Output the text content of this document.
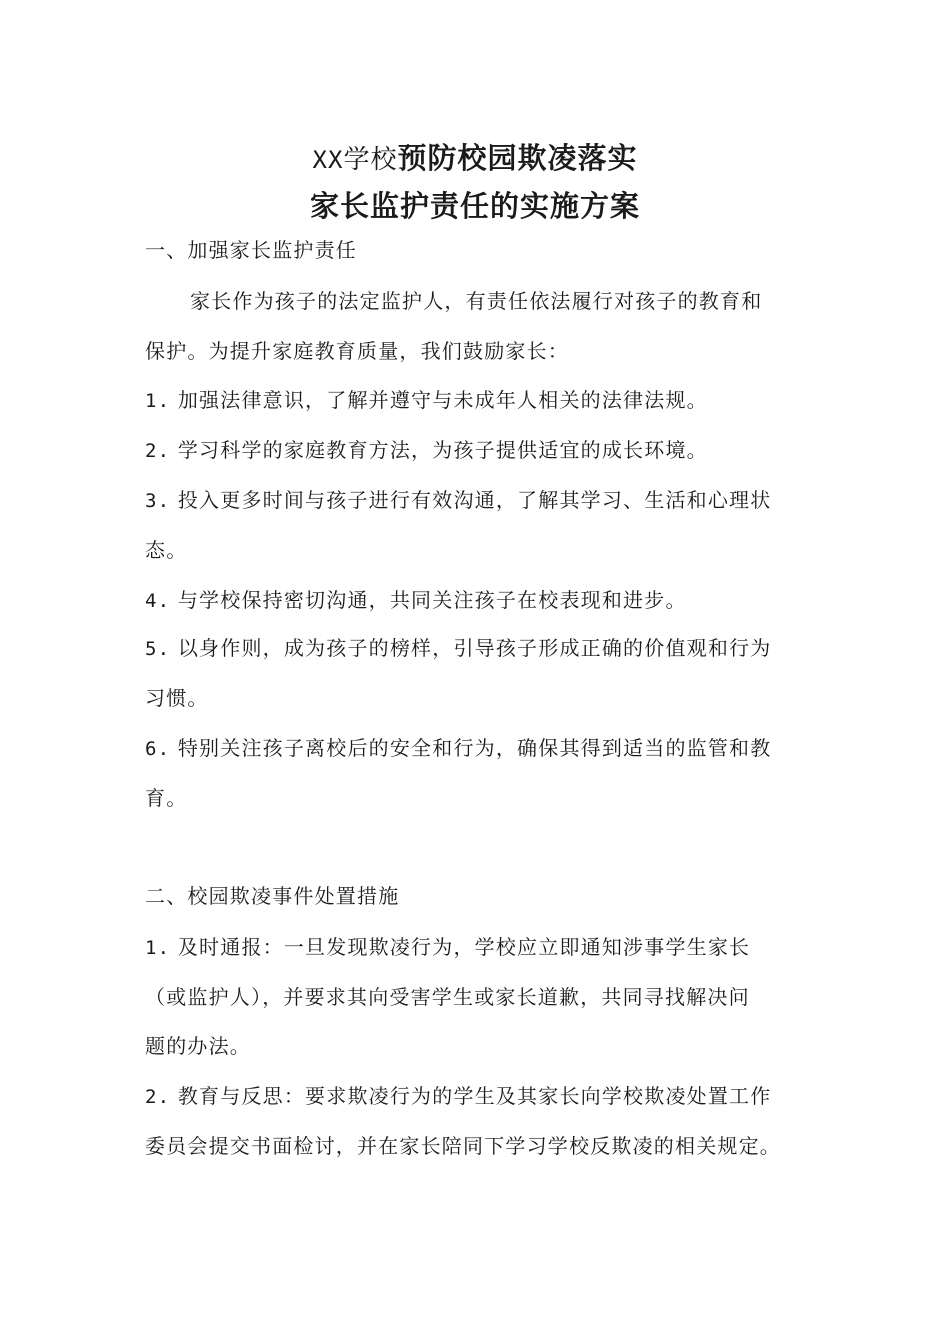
XX学校预防校园欺凌落实
家长监护责任的实施方案
一、加强家长监护责任
家长作为孩子的法定监护人，有责任依法履行对孩子的教育和
保护。为提升家庭教育质量，我们鼓励家长：
1. 加强法律意识，了解并遵守与未成年人相关的法律法规。
2. 学习科学的家庭教育方法，为孩子提供适宜的成长环境。
3. 投入更多时间与孩子进行有效沟通，了解其学习、生活和心理状
态。
4. 与学校保持密切沟通，共同关注孩子在校表现和进步。
5. 以身作则，成为孩子的榜样，引导孩子形成正确的价值观和行为
习惯。
6. 特别关注孩子离校后的安全和行为，确保其得到适当的监管和教
育。
二、校园欺凌事件处置措施
1. 及时通报：一旦发现欺凌行为，学校应立即通知涉事学生家长
（或监护人），并要求其向受害学生或家长道歉，共同寻找解决问
题的办法。
2. 教育与反思：要求欺凌行为的学生及其家长向学校欺凌处置工作
委员会提交书面检讨，并在家长陪同下学习学校反欺凌的相关规定。
